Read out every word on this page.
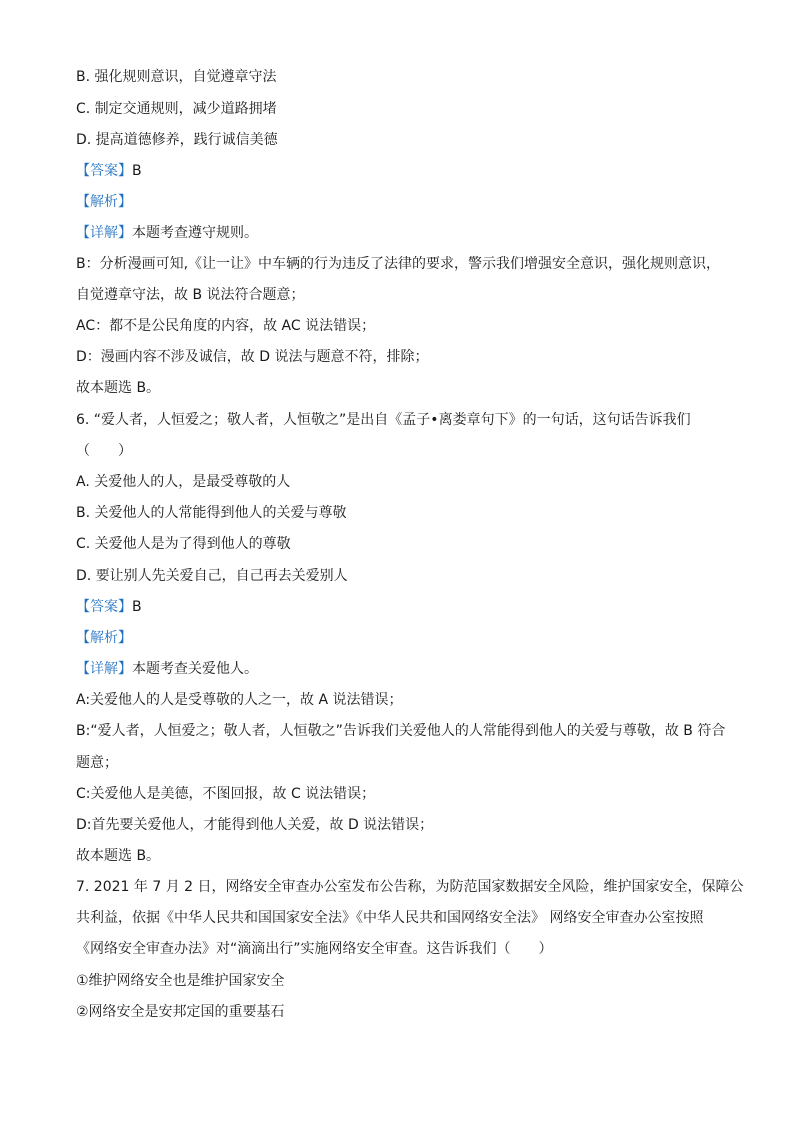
B. 强化规则意识，自觉遵章守法
C. 制定交通规则，减少道路拥堵
D. 提高道德修养，践行诚信美德
【答案】B
【解析】
【详解】本题考查遵守规则。
B：分析漫画可知,《让一让》中车辆的行为违反了法律的要求，警示我们增强安全意识，强化规则意识，
自觉遵章守法，故 B 说法符合题意；
AC：都不是公民角度的内容，故 AC 说法错误；
D：漫画内容不涉及诚信，故 D 说法与题意不符，排除；
故本题选 B。
6. “爱人者，人恒爱之；敬人者，人恒敬之”是出自《孟子•离娄章句下》的一句话，这句话告诉我们
（　　）
A. 关爱他人的人，是最受尊敬的人
B. 关爱他人的人常能得到他人的关爱与尊敬
C. 关爱他人是为了得到他人的尊敬
D. 要让别人先关爱自己，自己再去关爱别人
【答案】B
【解析】
【详解】本题考查关爱他人。
A:关爱他人的人是受尊敬的人之一，故 A 说法错误；
B:“爱人者，人恒爱之；敬人者，人恒敬之”告诉我们关爱他人的人常能得到他人的关爱与尊敬，故 B 符合
题意；
C:关爱他人是美德，不图回报，故 C 说法错误；
D:首先要关爱他人，才能得到他人关爱，故 D 说法错误；
故本题选 B。
7. 2021 年 7 月 2 日，网络安全审查办公室发布公告称，为防范国家数据安全风险，维护国家安全，保障公
共利益，依据《中华人民共和国国家安全法》《中华人民共和国网络安全法》 网络安全审查办公室按照
《网络安全审查办法》对“滴滴出行”实施网络安全审查。这告诉我们（　　）
①维护网络安全也是维护国家安全
②网络安全是安邦定国的重要基石
